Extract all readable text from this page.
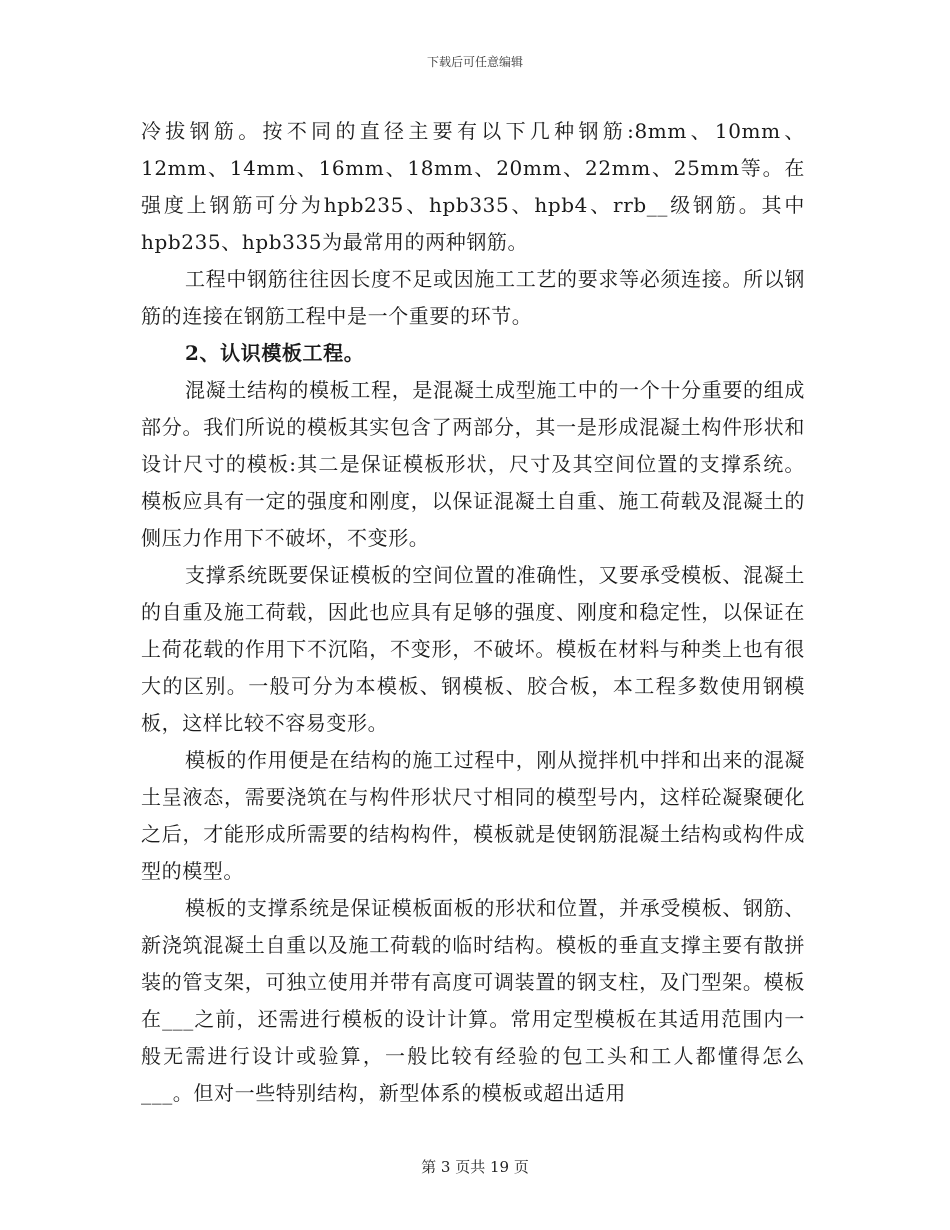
下载后可任意编辑

冷拔钢筋。按不同的直径主要有以下几种钢筋:8mm、10mm、12mm、14mm、16mm、18mm、20mm、22mm、25mm等。在强度上钢筋可分为hpb235、hpb335、hpb4、rrb__级钢筋。其中hpb235、hpb335为最常用的两种钢筋。

工程中钢筋往往因长度不足或因施工工艺的要求等必须连接。所以钢筋的连接在钢筋工程中是一个重要的环节。

2、认识模板工程。

混凝土结构的模板工程，是混凝土成型施工中的一个十分重要的组成部分。我们所说的模板其实包含了两部分，其一是形成混凝土构件形状和设计尺寸的模板:其二是保证模板形状，尺寸及其空间位置的支撑系统。模板应具有一定的强度和刚度，以保证混凝土自重、施工荷载及混凝土的侧压力作用下不破坏，不变形。

支撑系统既要保证模板的空间位置的准确性，又要承受模板、混凝土的自重及施工荷载，因此也应具有足够的强度、刚度和稳定性，以保证在上荷花载的作用下不沉陷，不变形，不破坏。模板在材料与种类上也有很大的区别。一般可分为本模板、钢模板、胶合板，本工程多数使用钢模板，这样比较不容易变形。

模板的作用便是在结构的施工过程中，刚从搅拌机中拌和出来的混凝土呈液态，需要浇筑在与构件形状尺寸相同的模型号内，这样砼凝聚硬化之后，才能形成所需要的结构构件，模板就是使钢筋混凝土结构或构件成型的模型。

模板的支撑系统是保证模板面板的形状和位置，并承受模板、钢筋、新浇筑混凝土自重以及施工荷载的临时结构。模板的垂直支撑主要有散拼装的管支架，可独立使用并带有高度可调装置的钢支柱，及门型架。模板在___之前，还需进行模板的设计计算。常用定型模板在其适用范围内一般无需进行设计或验算，一般比较有经验的包工头和工人都懂得怎么___。但对一些特别结构，新型体系的模板或超出适用

第 3 页共 19 页
